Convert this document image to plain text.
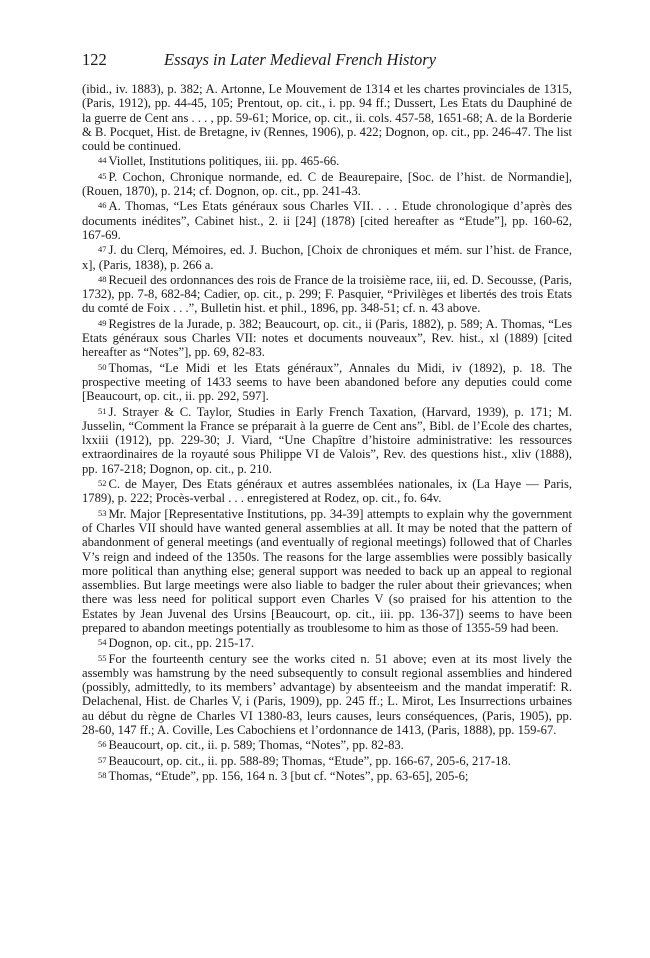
122	Essays in Later Medieval French History

(ibid., iv. 1883), p. 382; A. Artonne, Le Mouvement de 1314 et les chartes provinciales de 1315, (Paris, 1912), pp. 44-45, 105; Prentout, op. cit., i. pp. 94 ff.; Dussert, Les Etats du Dauphiné de la guerre de Cent ans . . . , pp. 59-61; Morice, op. cit., ii. cols. 457-58, 1651-68; A. de la Borderie & B. Pocquet, Hist. de Bretagne, iv (Rennes, 1906), p. 422; Dognon, op. cit., pp. 246-47. The list could be continued.

44 Viollet, Institutions politiques, iii. pp. 465-66.

45 P. Cochon, Chronique normande, ed. C de Beaurepaire, [Soc. de l’hist. de Normandie], (Rouen, 1870), p. 214; cf. Dognon, op. cit., pp. 241-43.

46 A. Thomas, “Les Etats généraux sous Charles VII. . . . Etude chronologique d’après des documents inédites”, Cabinet hist., 2. ii [24] (1878) [cited hereafter as “Etude”], pp. 160-62, 167-69.

47 J. du Clerq, Mémoires, ed. J. Buchon, [Choix de chroniques et mém. sur l’hist. de France, x], (Paris, 1838), p. 266 a.

48 Recueil des ordonnances des rois de France de la troisième race, iii, ed. D. Secousse, (Paris, 1732), pp. 7-8, 682-84; Cadier, op. cit., p. 299; F. Pasquier, “Privilèges et libertés des trois Etats du comté de Foix . . .”, Bulletin hist. et phil., 1896, pp. 348-51; cf. n. 43 above.

49 Registres de la Jurade, p. 382; Beaucourt, op. cit., ii (Paris, 1882), p. 589; A. Thomas, “Les Etats généraux sous Charles VII: notes et documents nouveaux”, Rev. hist., xl (1889) [cited hereafter as “Notes”], pp. 69, 82-83.

50 Thomas, “Le Midi et les Etats généraux”, Annales du Midi, iv (1892), p. 18. The prospective meeting of 1433 seems to have been abandoned before any deputies could come [Beaucourt, op. cit., ii. pp. 292, 597].

51 J. Strayer & C. Taylor, Studies in Early French Taxation, (Harvard, 1939), p. 171; M. Jusselin, “Comment la France se préparait à la guerre de Cent ans”, Bibl. de l’Ecole des chartes, lxxiii (1912), pp. 229-30; J. Viard, “Une Chapître d’histoire administrative: les ressources extraordinaires de la royauté sous Philippe VI de Valois”, Rev. des questions hist., xliv (1888), pp. 167-218; Dognon, op. cit., p. 210.

52 C. de Mayer, Des Etats généraux et autres assemblées nationales, ix (La Haye — Paris, 1789), p. 222; Procès-verbal . . . enregistered at Rodez, op. cit., fo. 64v.

53 Mr. Major [Representative Institutions, pp. 34-39] attempts to explain why the government of Charles VII should have wanted general assemblies at all. It may be noted that the pattern of abandonment of general meetings (and eventually of regional meetings) followed that of Charles V’s reign and indeed of the 1350s. The reasons for the large assemblies were possibly basically more political than anything else; general support was needed to back up an appeal to regional assemblies. But large meetings were also liable to badger the ruler about their grievances; when there was less need for political support even Charles V (so praised for his attention to the Estates by Jean Juvenal des Ursins [Beaucourt, op. cit., iii. pp. 136-37]) seems to have been prepared to abandon meetings potentially as troublesome to him as those of 1355-59 had been.

54 Dognon, op. cit., pp. 215-17.

55 For the fourteenth century see the works cited n. 51 above; even at its most lively the assembly was hamstrung by the need subsequently to consult regional assemblies and hindered (possibly, admittedly, to its members’ advantage) by absenteeism and the mandat imperatif: R. Delachenal, Hist. de Charles V, i (Paris, 1909), pp. 245 ff.; L. Mirot, Les Insurrections urbaines au début du règne de Charles VI 1380-83, leurs causes, leurs conséquences, (Paris, 1905), pp. 28-60, 147 ff.; A. Coville, Les Cabochiens et l’ordonnance de 1413, (Paris, 1888), pp. 159-67.

56 Beaucourt, op. cit., ii. p. 589; Thomas, “Notes”, pp. 82-83.

57 Beaucourt, op. cit., ii. pp. 588-89; Thomas, “Etude”, pp. 166-67, 205-6, 217-18.

58 Thomas, “Etude”, pp. 156, 164 n. 3 [but cf. “Notes”, pp. 63-65], 205-6;
